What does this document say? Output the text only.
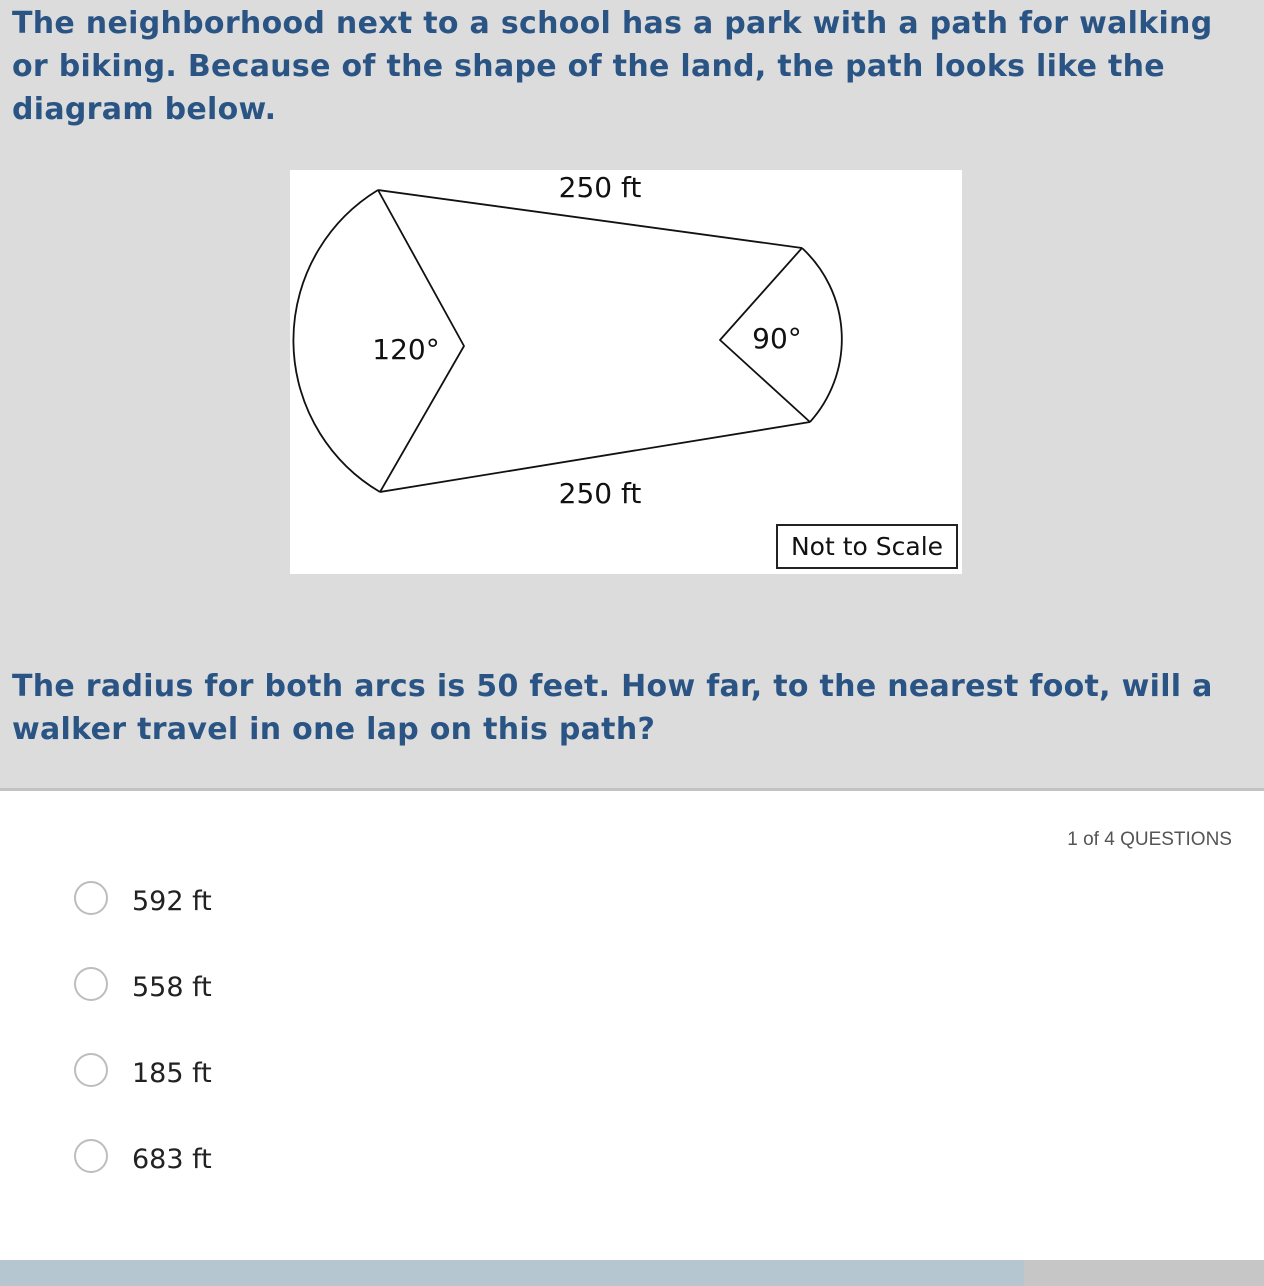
The neighborhood next to a school has a park with a path for walking or biking. Because of the shape of the land, the path looks like the diagram below.

250 ft
250 ft
120°	90°
Not to Scale

The radius for both arcs is 50 feet. How far, to the nearest foot, will a walker travel in one lap on this path?

1 of 4 QUESTIONS
592 ft
558 ft
185 ft
683 ft
